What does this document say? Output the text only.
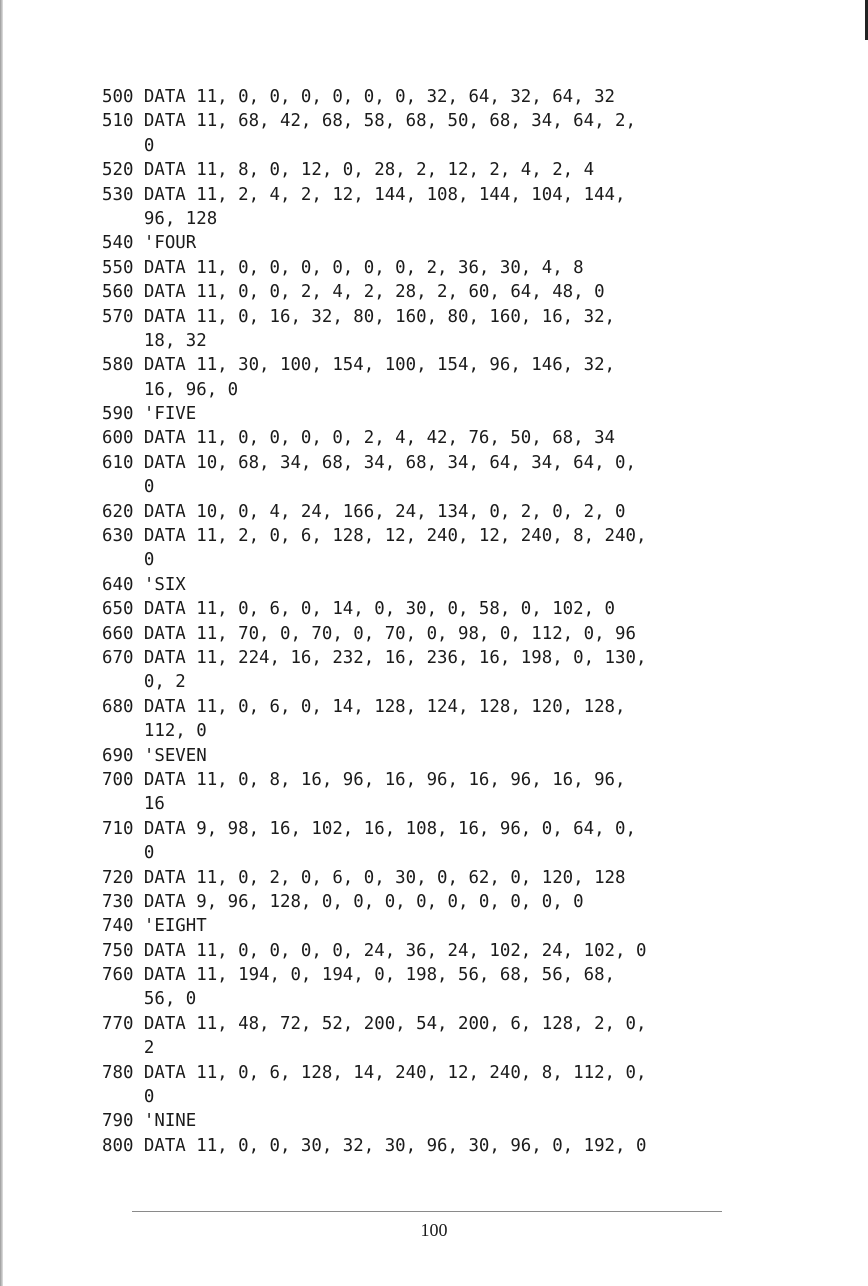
500 DATA 11, 0, 0, 0, 0, 0, 0, 32, 64, 32, 64, 32
510 DATA 11, 68, 42, 68, 58, 68, 50, 68, 34, 64, 2,
0
520 DATA 11, 8, 0, 12, 0, 28, 2, 12, 2, 4, 2, 4
530 DATA 11, 2, 4, 2, 12, 144, 108, 144, 104, 144,
96, 128
540 'FOUR
550 DATA 11, 0, 0, 0, 0, 0, 0, 2, 36, 30, 4, 8
560 DATA 11, 0, 0, 2, 4, 2, 28, 2, 60, 64, 48, 0
570 DATA 11, 0, 16, 32, 80, 160, 80, 160, 16, 32,
18, 32
580 DATA 11, 30, 100, 154, 100, 154, 96, 146, 32,
16, 96, 0
590 'FIVE
600 DATA 11, 0, 0, 0, 0, 2, 4, 42, 76, 50, 68, 34
610 DATA 10, 68, 34, 68, 34, 68, 34, 64, 34, 64, 0,
0
620 DATA 10, 0, 4, 24, 166, 24, 134, 0, 2, 0, 2, 0
630 DATA 11, 2, 0, 6, 128, 12, 240, 12, 240, 8, 240,
0
640 'SIX
650 DATA 11, 0, 6, 0, 14, 0, 30, 0, 58, 0, 102, 0
660 DATA 11, 70, 0, 70, 0, 70, 0, 98, 0, 112, 0, 96
670 DATA 11, 224, 16, 232, 16, 236, 16, 198, 0, 130,
0, 2
680 DATA 11, 0, 6, 0, 14, 128, 124, 128, 120, 128,
112, 0
690 'SEVEN
700 DATA 11, 0, 8, 16, 96, 16, 96, 16, 96, 16, 96,
16
710 DATA 9, 98, 16, 102, 16, 108, 16, 96, 0, 64, 0,
0
720 DATA 11, 0, 2, 0, 6, 0, 30, 0, 62, 0, 120, 128
730 DATA 9, 96, 128, 0, 0, 0, 0, 0, 0, 0, 0, 0
740 'EIGHT
750 DATA 11, 0, 0, 0, 0, 24, 36, 24, 102, 24, 102, 0
760 DATA 11, 194, 0, 194, 0, 198, 56, 68, 56, 68,
56, 0
770 DATA 11, 48, 72, 52, 200, 54, 200, 6, 128, 2, 0,
2
780 DATA 11, 0, 6, 128, 14, 240, 12, 240, 8, 112, 0,
0
790 'NINE
800 DATA 11, 0, 0, 30, 32, 30, 96, 30, 96, 0, 192, 0
100
